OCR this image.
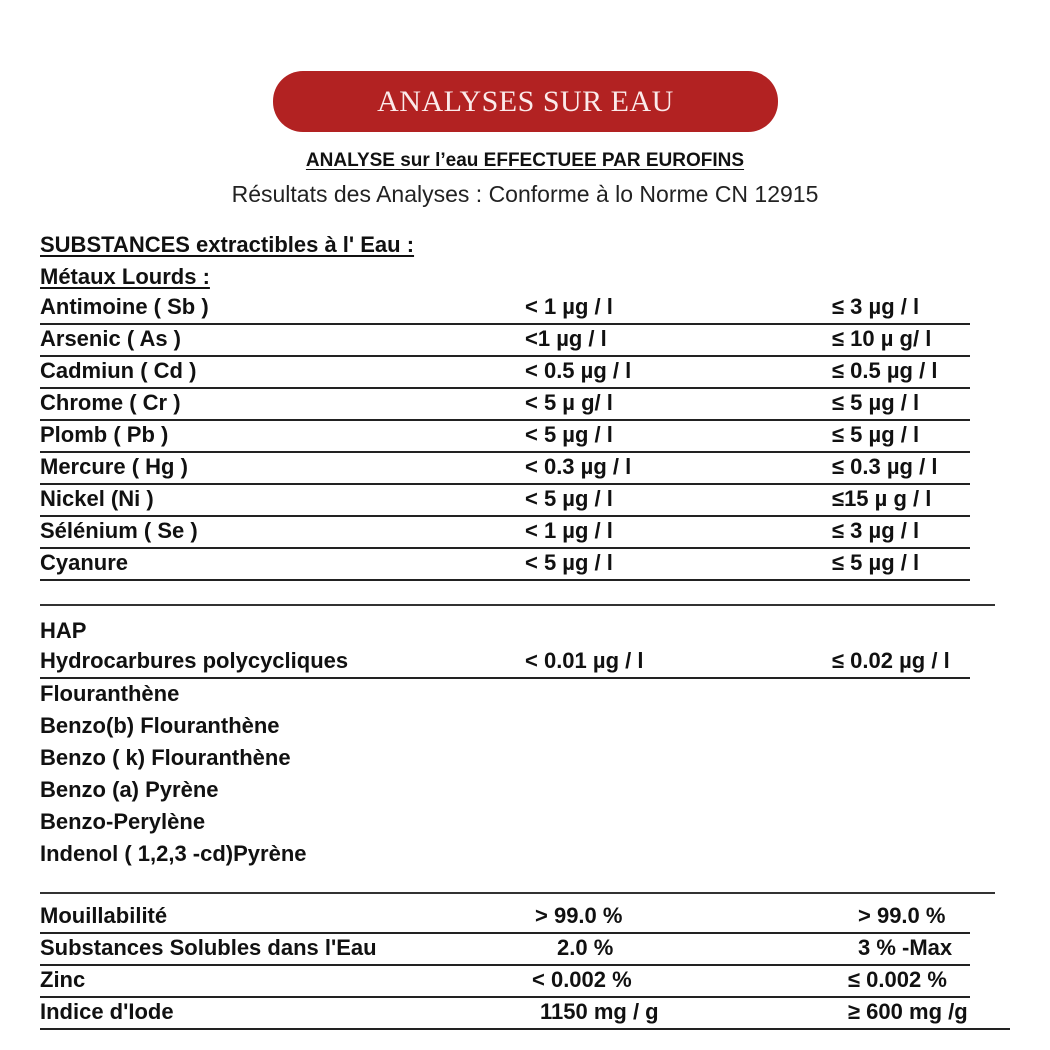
ANALYSES SUR EAU
ANALYSE sur l’eau EFFECTUEE PAR EUROFINS
Résultats des Analyses : Conforme à lo Norme CN 12915
SUBSTANCES extractibles à l' Eau :
Métaux Lourds :
Antimoine ( Sb )	< 1 µg / l	≤ 3 µg / l
Arsenic ( As )	<1 µg / l	≤ 10 µ g/ l
Cadmiun ( Cd )	< 0.5 µg / l	≤ 0.5 µg / l
Chrome ( Cr )	< 5 µ g/ l	≤ 5 µg / l
Plomb ( Pb )	< 5 µg / l	≤ 5 µg / l
Mercure ( Hg )	< 0.3 µg / l	≤ 0.3 µg / l
Nickel (Ni )	< 5 µg / l	≤15 µ g / l
Sélénium ( Se )	< 1 µg / l	≤ 3 µg / l
Cyanure	< 5 µg / l	≤ 5 µg / l
HAP
Hydrocarbures polycycliques	< 0.01 µg / l	≤ 0.02 µg / l
Flouranthène
Benzo(b) Flouranthène
Benzo ( k) Flouranthène
Benzo (a) Pyrène
Benzo-Perylène
Indenol ( 1,2,3 -cd)Pyrène
Mouillabilité	> 99.0 %	> 99.0 %
Substances Solubles dans l'Eau	2.0 %	3 % -Max
Zinc	< 0.002 %	≤ 0.002 %
Indice d'Iode	1150 mg / g	≥ 600 mg /g
